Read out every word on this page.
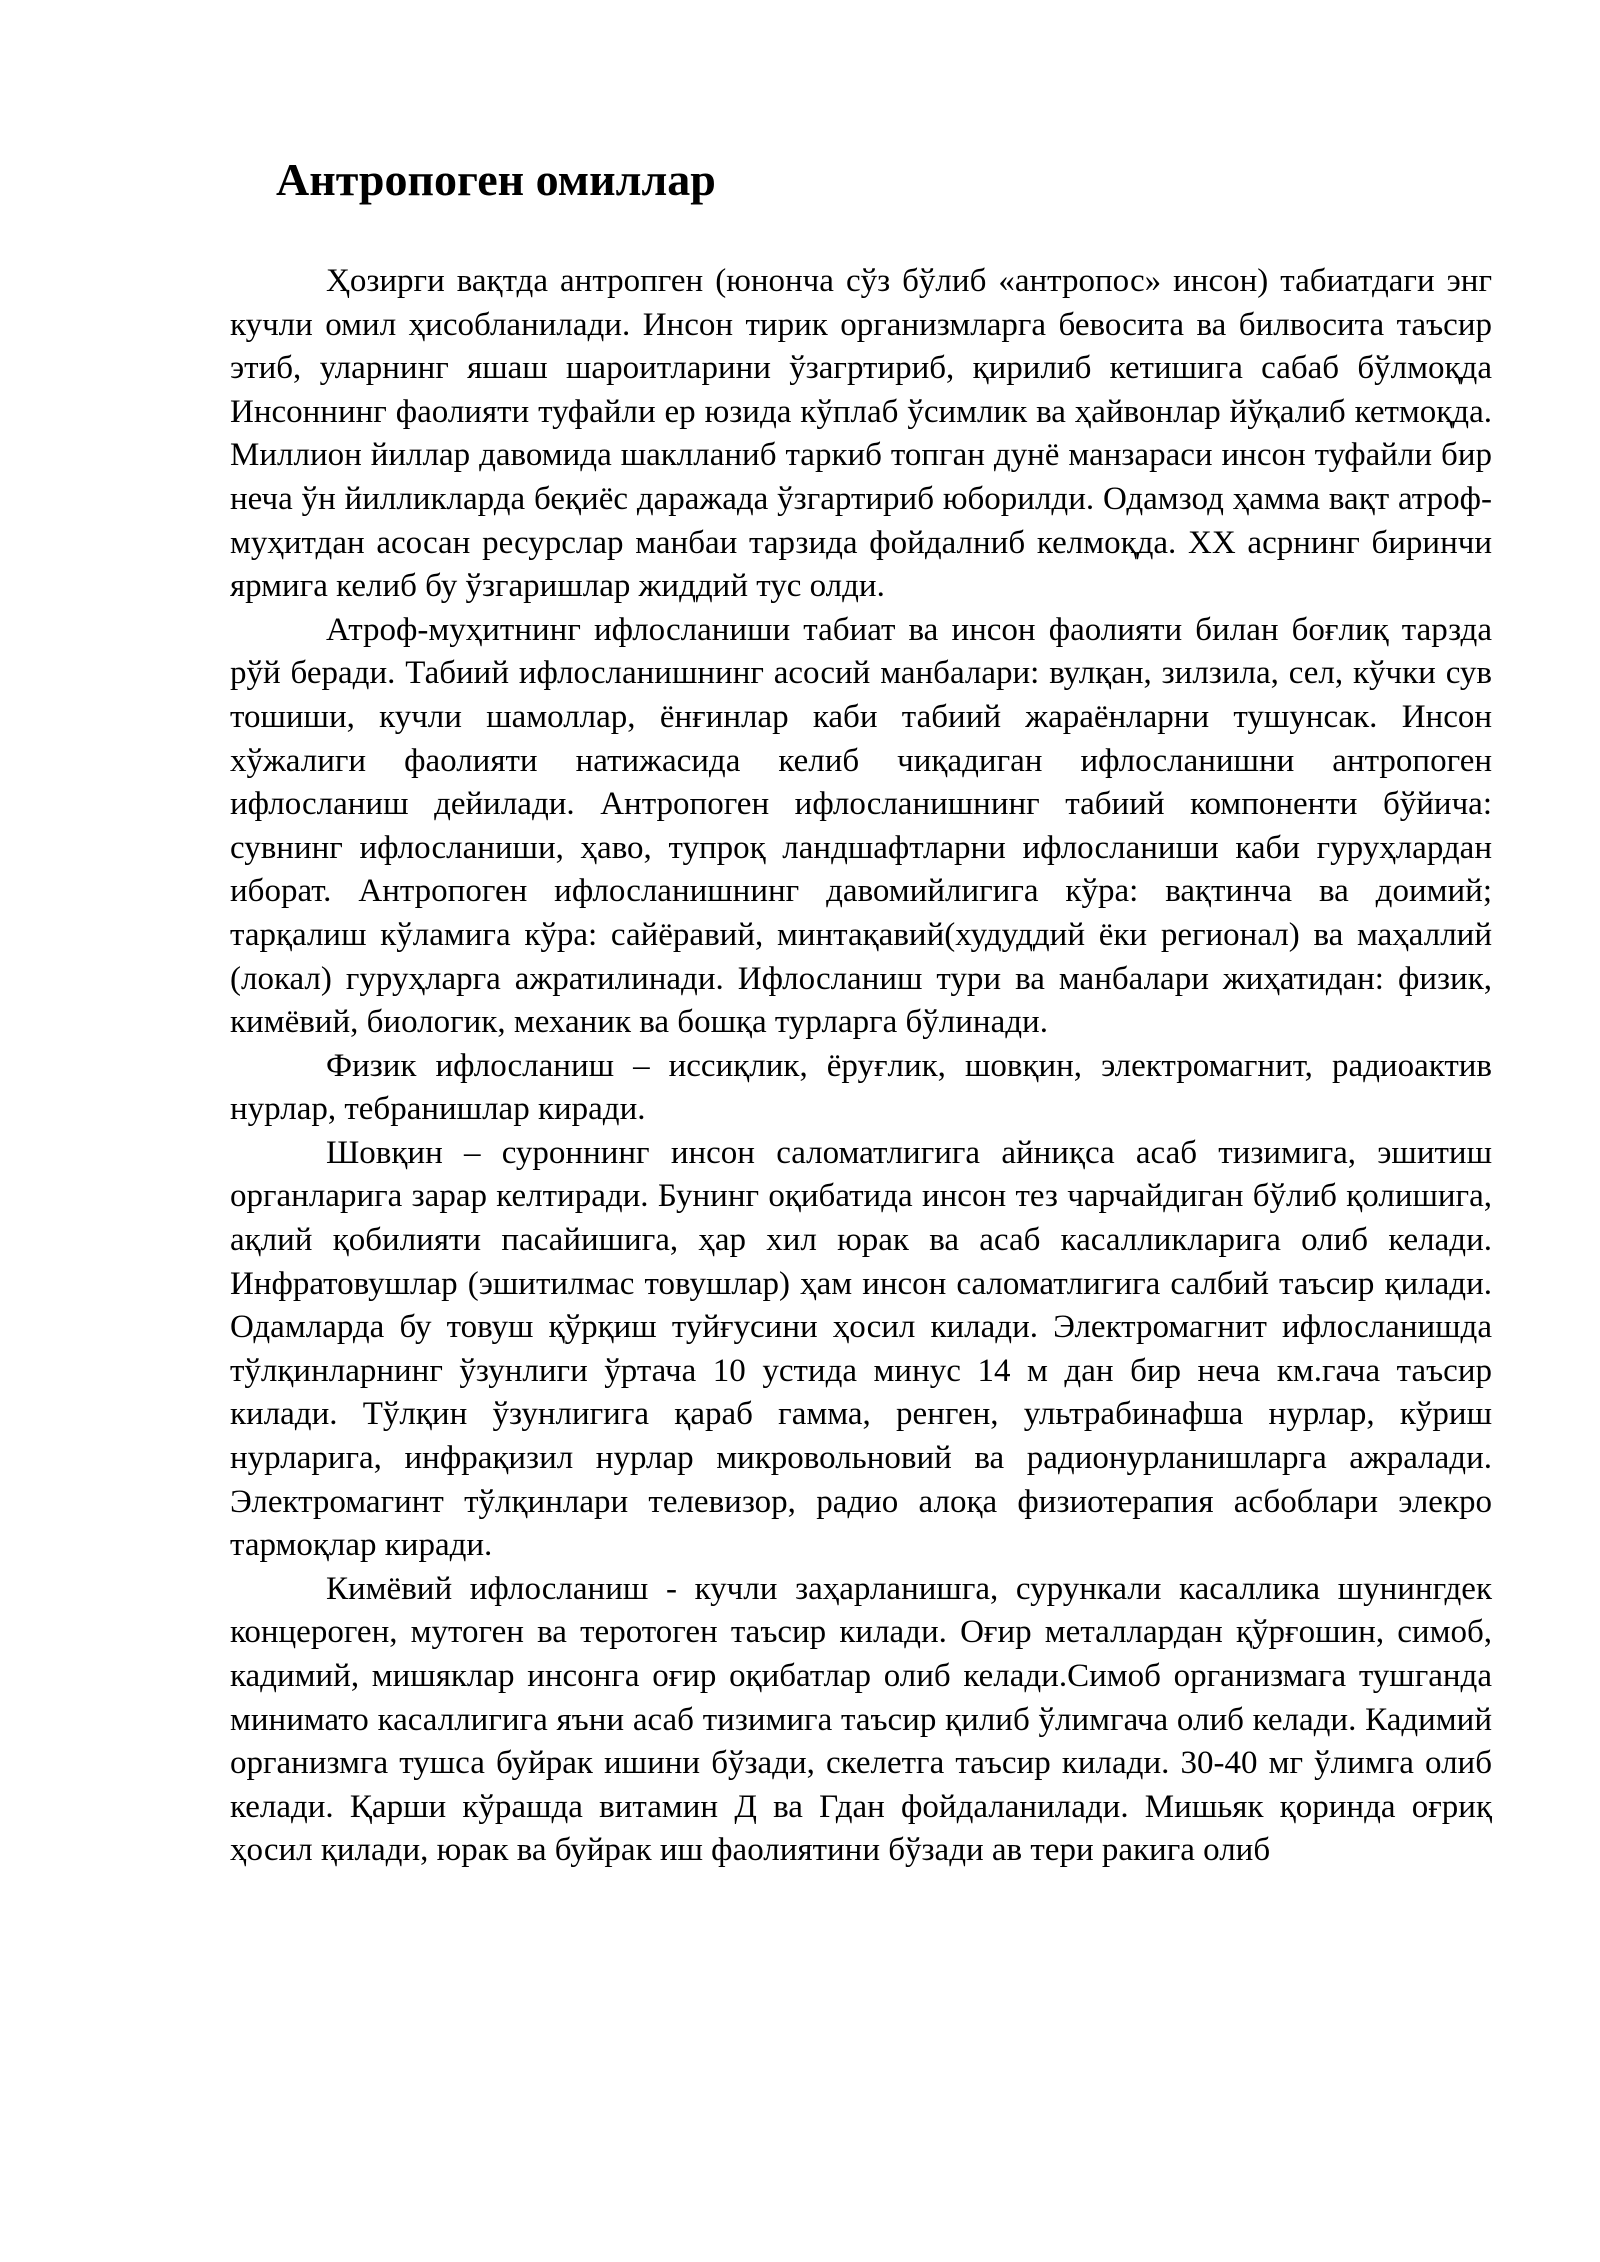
Антропоген омиллар

Ҳозирги вақтда антропген (юнонча сўз бўлиб «антропос» инсон) табиатдаги энг кучли омил ҳисобланилади. Инсон тирик организмларга бевосита ва билвосита таъсир этиб, уларнинг яшаш шароитларини ўзагртириб, қирилиб кетишига сабаб бўлмоқда Инсоннинг фаолияти туфайли ер юзида кўплаб ўсимлик ва ҳайвонлар йўқалиб кетмоқда. Миллион йиллар давомида шаклланиб таркиб топган дунё манзараси инсон туфайли бир неча ўн йилликларда беқиёс даражада ўзгартириб юборилди. Одамзод ҳамма вақт атроф-муҳитдан асосан ресурслар манбаи тарзида фойдалниб келмоқда. XX асрнинг биринчи ярмига келиб бу ўзгаришлар жиддий тус олди.

Атроф-муҳитнинг ифлосланиши табиат ва инсон фаолияти билан боғлиқ тарзда рўй беради. Табиий ифлосланишнинг асосий манбалари: вулқан, зилзила, сел, кўчки сув тошиши, кучли шамоллар, ёнғинлар каби табиий жараёнларни тушунсак. Инсон хўжалиги фаолияти натижасида келиб чиқадиган ифлосланишни антропоген ифлосланиш дейилади. Антропоген ифлосланишнинг табиий компоненти бўйича: сувнинг ифлосланиши, ҳаво, тупроқ ландшафтларни ифлосланиши каби гуруҳлардан иборат. Антропоген ифлосланишнинг давомийлигига кўра: вақтинча ва доимий; тарқалиш кўламига кўра: сайёравий, минтақавий(худуддий ёки регионал) ва маҳаллий (локал) гуруҳларга ажратилинади. Ифлосланиш тури ва манбалари жиҳатидан: физик, кимёвий, биологик, механик ва бошқа турларга бўлинади.

Физик ифлосланиш – иссиқлик, ёруғлик, шовқин, электромагнит, радиоактив нурлар, тебранишлар киради.

Шовқин – суроннинг инсон саломатлигига айниқса асаб тизимига, эшитиш органларига зарар келтиради. Бунинг оқибатида инсон тез чарчайдиган бўлиб қолишига, ақлий қобилияти пасайишига, ҳар хил юрак ва асаб касалликларига олиб келади. Инфратовушлар (эшитилмас товушлар) ҳам инсон саломатлигига салбий таъсир қилади. Одамларда бу товуш қўрқиш туйғусини ҳосил килади. Электромагнит ифлосланишда тўлқинларнинг ўзунлиги ўртача 10 устида минус 14 м дан бир неча км.гача таъсир килади. Тўлқин ўзунлигига қараб гамма, ренген, ультрабинафша нурлар, кўриш нурларига, инфрақизил нурлар микровольновий ва радионурланишларга ажралади. Электромагинт тўлқинлари телевизор, радио алоқа физиотерапия асбоблари элекро тармоқлар киради.

Кимёвий ифлосланиш - кучли заҳарланишга, сурункали касаллика шунингдек концероген, мутоген ва теротоген таъсир килади. Оғир металлардан қўрғошин, симоб, кадимий, мишяклар инсонга оғир оқибатлар олиб келади.Симоб организмага тушганда минимато касаллигига яъни асаб тизимига таъсир қилиб ўлимгача олиб келади. Кадимий организмга тушса буйрак ишини бўзади, скелетга таъсир килади. 30-40 мг ўлимга олиб келади. Қарши кўрашда витамин Д ва Гдан фойдаланилади. Мишьяк қоринда оғриқ ҳосил қилади, юрак ва буйрак иш фаолиятини бўзади ав тери ракига олиб
